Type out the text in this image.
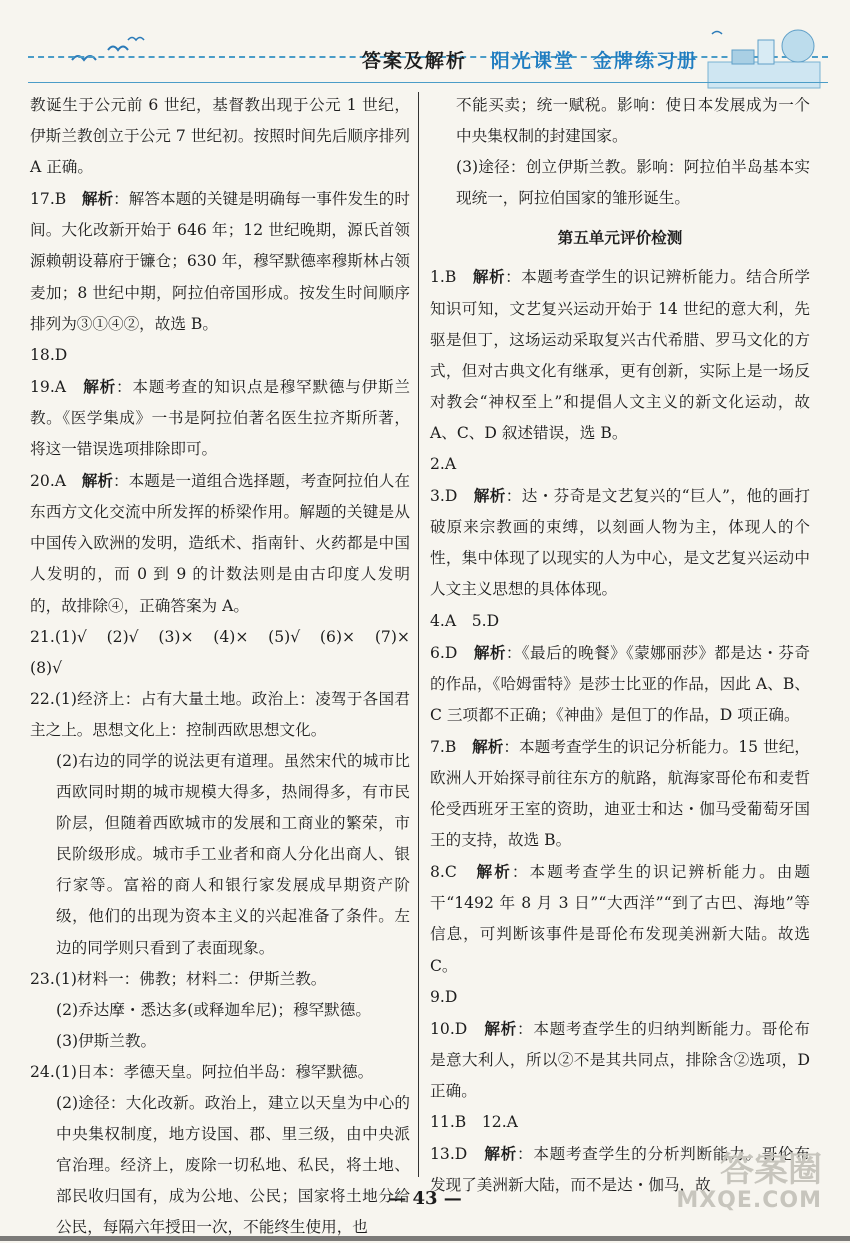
答案及解析 阳光课堂 金牌练习册

教诞生于公元前 6 世纪，基督教出现于公元 1 世纪，伊斯兰教创立于公元 7 世纪初。按照时间先后顺序排列 A 正确。

17.B　 解析：解答本题的关键是明确每一事件发生的时间。大化改新开始于 646 年；12 世纪晚期，源氏首领源赖朝设幕府于镰仓；630 年，穆罕默德率穆斯林占领麦加；8 世纪中期，阿拉伯帝国形成。按发生时间顺序排列为③①④②，故选 B。

18.D

19.A　 解析：本题考查的知识点是穆罕默德与伊斯兰教。《医学集成》一书是阿拉伯著名医生拉齐斯所著，将这一错误选项排除即可。

20.A　 解析：本题是一道组合选择题，考查阿拉伯人在东西方文化交流中所发挥的桥梁作用。解题的关键是从中国传入欧洲的发明，造纸术、指南针、火药都是中国人发明的，而 0 到 9 的计数法则是由古印度人发明的，故排除④，正确答案为 A。

21.(1)√　(2)√　(3)×　(4)×　(5)√　(6)×　(7)×　(8)√

22.(1)经济上：占有大量土地。政治上：凌驾于各国君主之上。思想文化上：控制西欧思想文化。

(2)右边的同学的说法更有道理。虽然宋代的城市比西欧同时期的城市规模大得多，热闹得多，有市民阶层，但随着西欧城市的发展和工商业的繁荣，市民阶级形成。城市手工业者和商人分化出商人、银行家等。富裕的商人和银行家发展成早期资产阶级，他们的出现为资本主义的兴起准备了条件。左边的同学则只看到了表面现象。

23.(1)材料一：佛教；材料二：伊斯兰教。

(2)乔达摩・悉达多(或释迦牟尼)；穆罕默德。

(3)伊斯兰教。

24.(1)日本：孝德天皇。阿拉伯半岛：穆罕默德。

(2)途径：大化改新。政治上，建立以天皇为中心的中央集权制度，地方设国、郡、里三级，由中央派官治理。经济上，废除一切私地、私民，将土地、部民收归国有，成为公地、公民；国家将土地分给公民，每隔六年授田一次，不能终生使用，也

不能买卖；统一赋税。影响：使日本发展成为一个中央集权制的封建国家。

(3)途径：创立伊斯兰教。影响：阿拉伯半岛基本实现统一，阿拉伯国家的雏形诞生。

第五单元评价检测

1.B　 解析：本题考查学生的识记辨析能力。结合所学知识可知，文艺复兴运动开始于 14 世纪的意大利，先驱是但丁，这场运动采取复兴古代希腊、罗马文化的方式，但对古典文化有继承，更有创新，实际上是一场反对教会“神权至上”和提倡人文主义的新文化运动，故 A、C、D 叙述错误，选 B。

2.A

3.D　 解析：达・芬奇是文艺复兴的“巨人”，他的画打破原来宗教画的束缚，以刻画人物为主，体现人的个性，集中体现了以现实的人为中心，是文艺复兴运动中人文主义思想的具体体现。

4.A　5.D

6.D　 解析：《最后的晚餐》《蒙娜丽莎》都是达・芬奇的作品，《哈姆雷特》是莎士比亚的作品，因此 A、B、C 三项都不正确；《神曲》是但丁的作品，D 项正确。

7.B　 解析：本题考查学生的识记分析能力。15 世纪，欧洲人开始探寻前往东方的航路，航海家哥伦布和麦哲伦受西班牙王室的资助，迪亚士和达・伽马受葡萄牙国王的支持，故选 B。

8.C　 解析：本题考查学生的识记辨析能力。由题干“1492 年 8 月 3 日”“大西洋”“到了古巴、海地”等信息，可判断该事件是哥伦布发现美洲新大陆。故选 C。

9.D

10.D　 解析：本题考查学生的归纳判断能力。哥伦布是意大利人，所以②不是其共同点，排除含②选项，D 正确。

11.B　12.A

13.D　 解析：本题考查学生的分析判断能力。哥伦布发现了美洲新大陆，而不是达・伽马，故

— 43 —
答案圈
MXQE.COM
